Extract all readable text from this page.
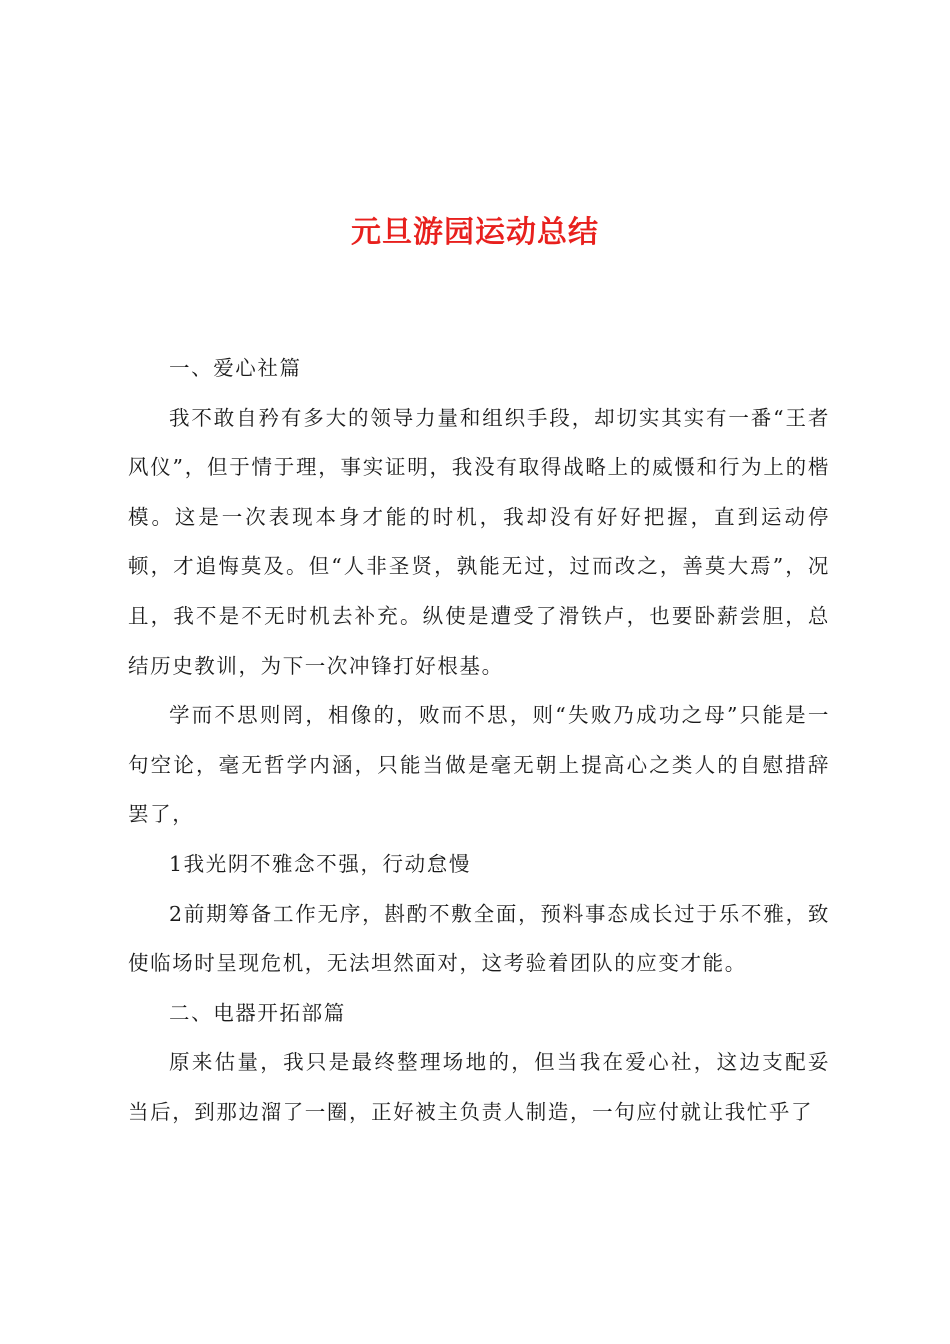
元旦游园运动总结

一、爱心社篇

我不敢自矜有多大的领导力量和组织手段，却切实其实有一番“王者风仪”，但于情于理，事实证明，我没有取得战略上的威慑和行为上的楷模。这是一次表现本身才能的时机，我却没有好好把握，直到运动停顿，才追悔莫及。但“人非圣贤，孰能无过，过而改之，善莫大焉”，况且，我不是不无时机去补充。纵使是遭受了滑铁卢，也要卧薪尝胆，总结历史教训，为下一次冲锋打好根基。

学而不思则罔，相像的，败而不思，则“失败乃成功之母”只能是一句空论，毫无哲学内涵，只能当做是毫无朝上提高心之类人的自慰措辞罢了，

1我光阴不雅念不强，行动怠慢

2前期筹备工作无序，斟酌不敷全面，预料事态成长过于乐不雅，致使临场时呈现危机，无法坦然面对，这考验着团队的应变才能。

二、电器开拓部篇

原来估量，我只是最终整理场地的，但当我在爱心社，这边支配妥当后，到那边溜了一圈，正好被主负责人制造，一句应付就让我忙乎了
